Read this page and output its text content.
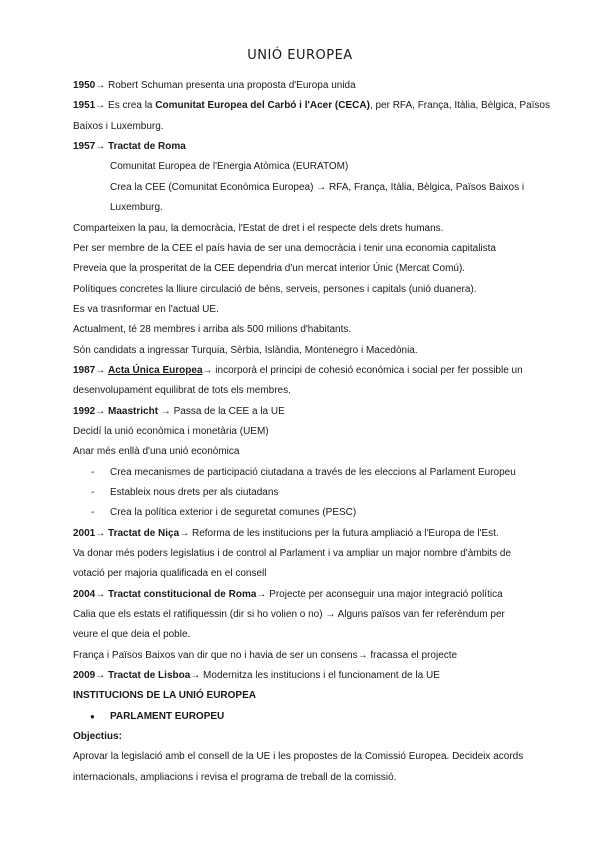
UNIÓ EUROPEA
1950→ Robert Schuman presenta una proposta d'Europa unida
1951→ Es crea la Comunitat Europea del Carbó i l'Acer (CECA), per RFA, França, Itàlia, Bèlgica, Països
Baixos i Luxemburg.
1957→ Tractat de Roma
Comunitat Europea de l'Energia Atòmica (EURATOM)
Crea la CEE (Comunitat Econòmica Europea) → RFA, França, Itàlia, Bèlgica, Països Baixos i
Luxemburg.
Comparteixen la pau, la democràcia, l'Estat de dret i el respecte dels drets humans.
Per ser membre de la CEE el país havia de ser una democràcia i tenir una economia capitalista
Preveia que la prosperitat de la CEE dependria d'un mercat interior Únic (Mercat Comú).
Polítiques concretes la lliure circulació de béns, serveis, persones i capitals (unió duanera).
Es va trasnformar en l'actual UE.
Actualment, té 28 membres i arriba als 500 milions d'habitants.
Són candidats a ingressar Turquia, Sèrbia, Islàndia, Montenegro i Macedònia.
1987→ Acta Única Europea→ incorporà el principi de cohesió econòmica i social per fer possible un
desenvolupament equilibrat de tots els membres.
1992→ Maastricht → Passa de la CEE a la UE
Decidí la unió econòmica i monetària (UEM)
Anar més enllà d'una unió econòmica
- Crea mecanismes de participació ciutadana a través de les eleccions al Parlament Europeu
- Estableix nous drets per als ciutadans
- Crea la política exterior i de seguretat comunes (PESC)
2001→ Tractat de Niça→ Reforma de les institucions per la futura ampliació a l'Europa de l'Est.
Va donar més poders legislatius i de control al Parlament i va ampliar un major nombre d'àmbits de
votació per majoria qualificada en el consell
2004→ Tractat constitucional de Roma→ Projecte per aconseguir una major integració política
Calia que els estats el ratifiquessin (dir si ho volien o no) → Alguns països van fer referèndum per
veure el que deia el poble.
França i Països Baixos van dir que no i havia de ser un consens→ fracassa el projecte
2009→ Tractat de Lisboa→ Modernitza les institucions i el funcionament de la UE
INSTITUCIONS DE LA UNIÓ EUROPEA
● PARLAMENT EUROPEU
Objectius:
Aprovar la legislació amb el consell de la UE i les propostes de la Comissió Europea. Decideix acords
internacionals, ampliacions i revisa el programa de treball de la comissió.
